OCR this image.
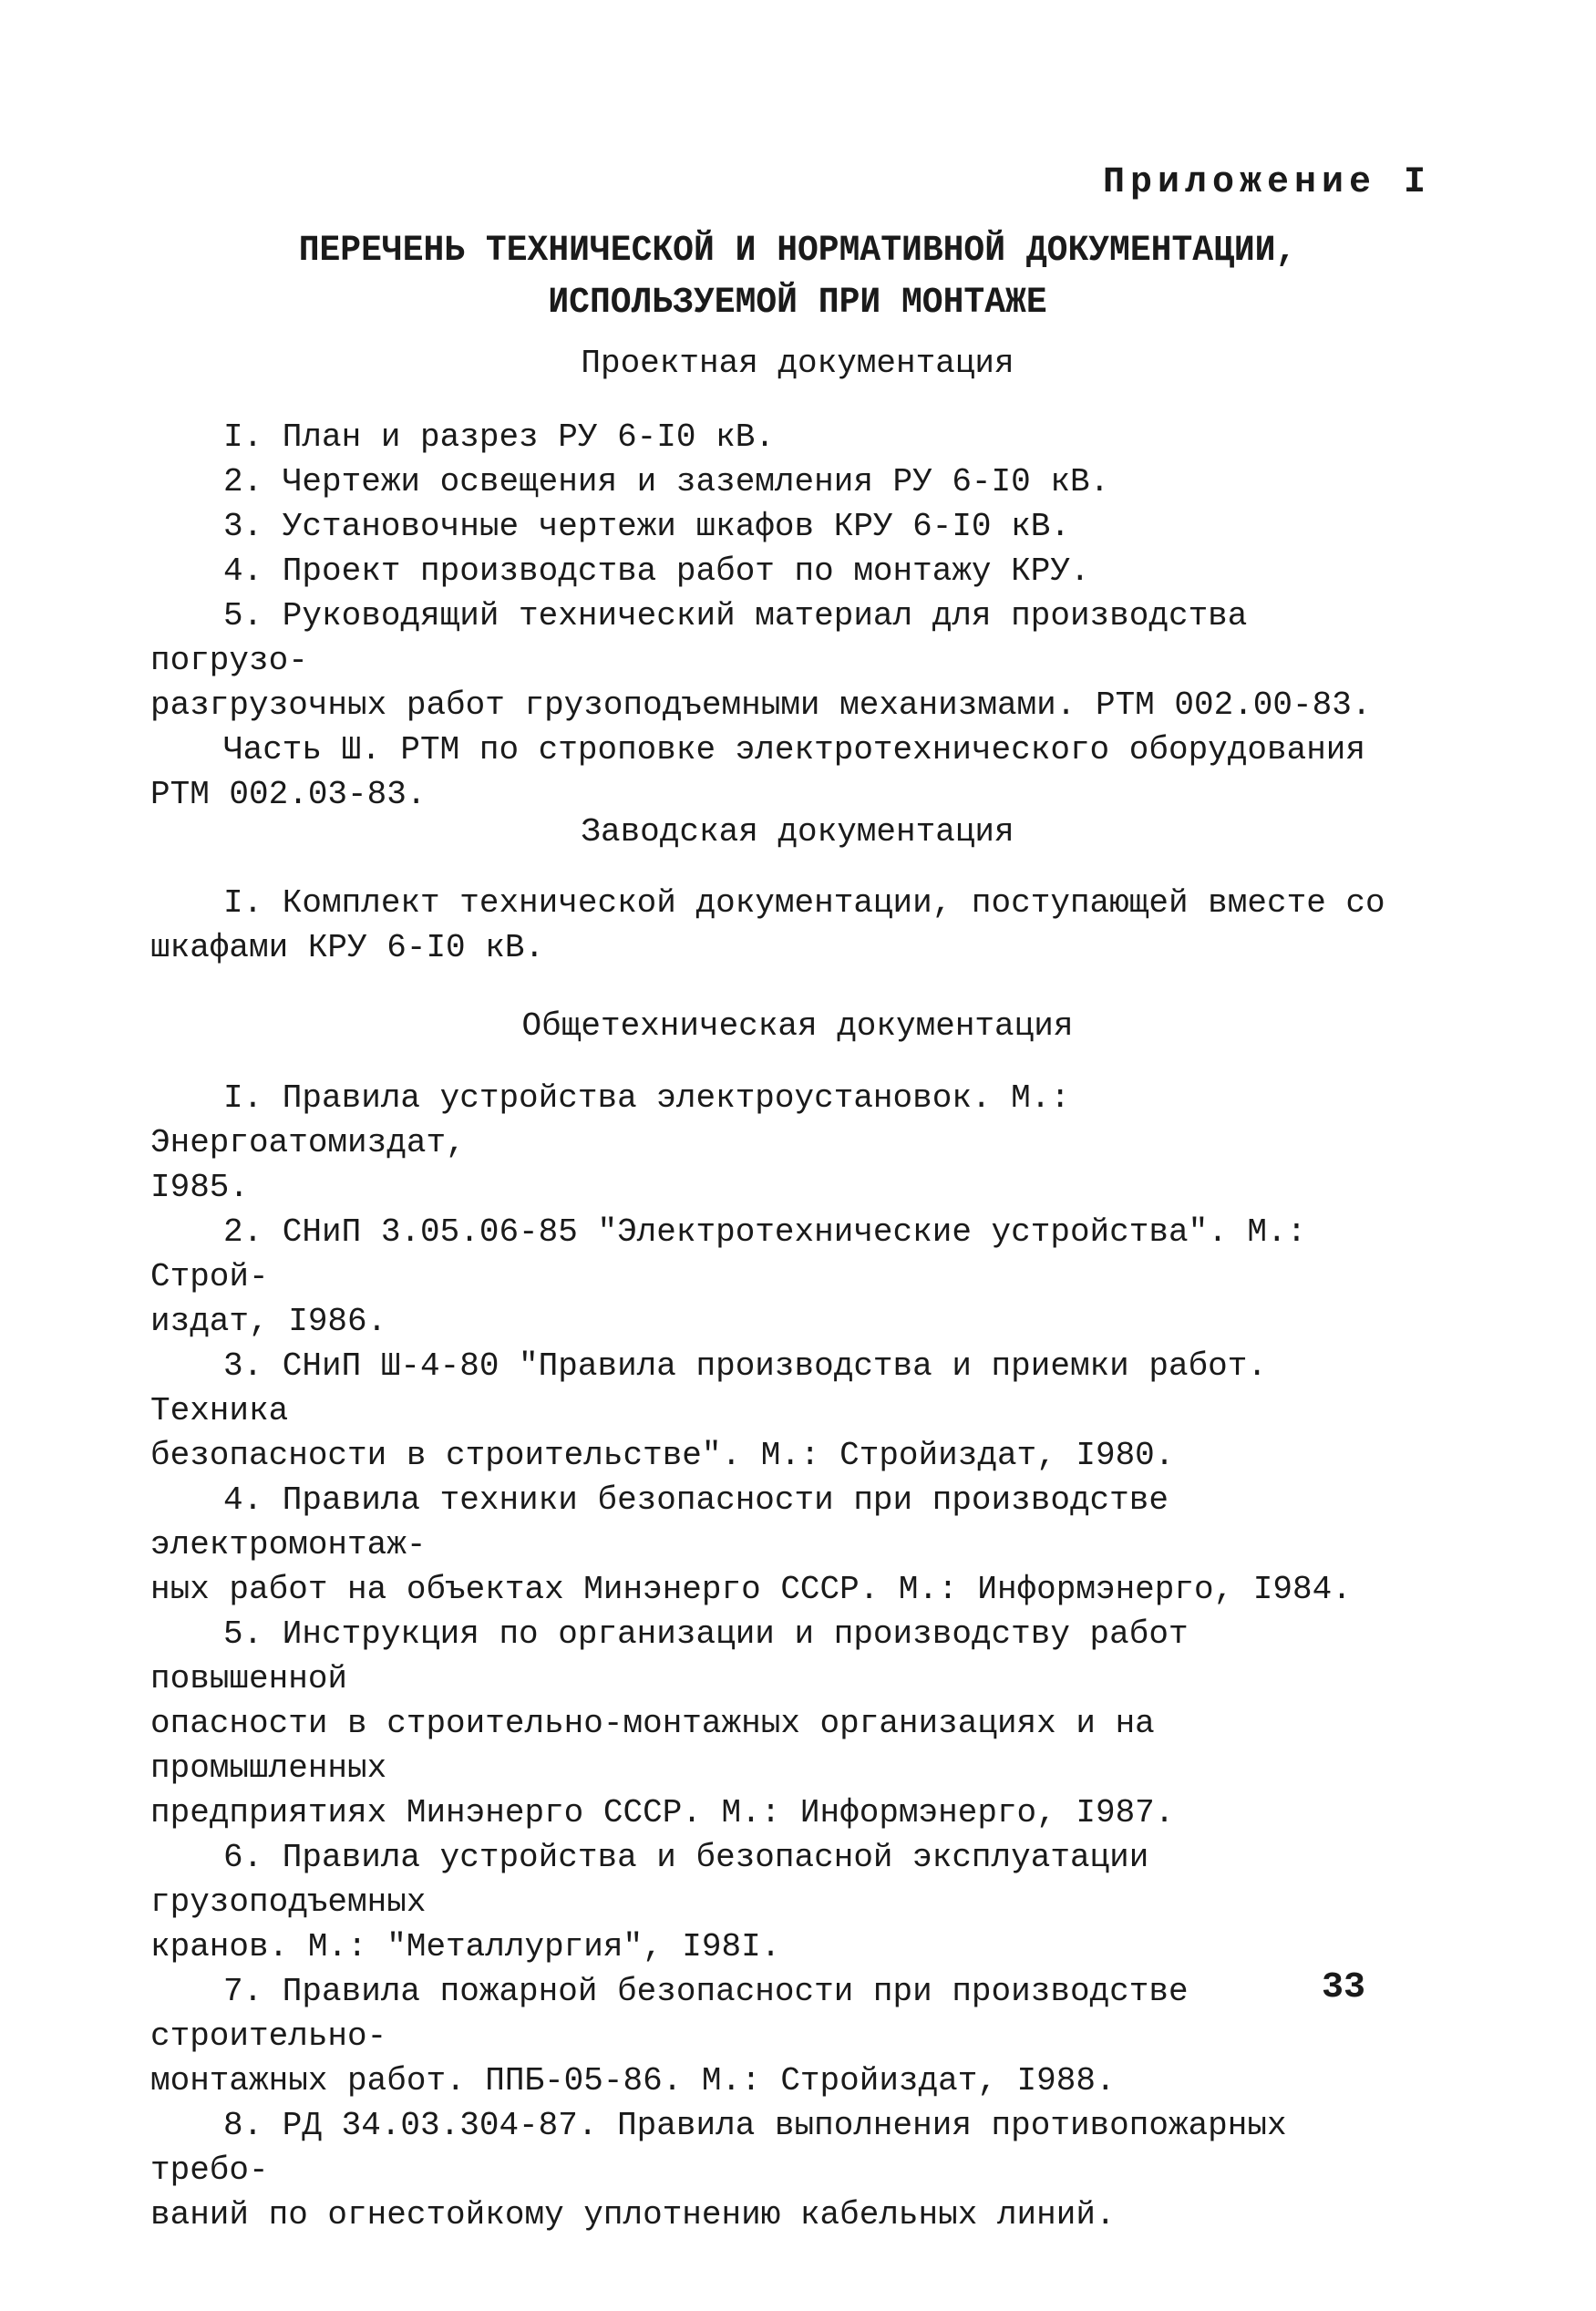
Приложение I
ПЕРЕЧЕНЬ ТЕХНИЧЕСКОЙ И НОРМАТИВНОЙ ДОКУМЕНТАЦИИ,
ИСПОЛЬЗУЕМОЙ ПРИ МОНТАЖЕ
Проектная документация

I. План и разрез РУ 6-I0 кВ.

2. Чертежи освещения и заземления РУ 6-I0 кВ.

3. Установочные чертежи шкафов КРУ 6-I0 кВ.

4. Проект производства работ по монтажу КРУ.

5. Руководящий технический материал для производства погрузо-
разгрузочных работ грузоподъемными механизмами. РТМ 002.00-83.

Часть Ш. РТМ по строповке электротехнического оборудования
РТМ 002.03-83.

Заводская документация

I. Комплект технической документации, поступающей вместе со
шкафами КРУ 6-I0 кВ.

Общетехническая документация

I. Правила устройства электроустановок. М.: Энергоатомиздат,
I985.

2. СНиП 3.05.06-85 "Электротехнические устройства". М.: Строй-
издат, I986.

3. СНиП Ш-4-80 "Правила производства и приемки работ. Техника
безопасности в строительстве". М.: Стройиздат, I980.

4. Правила техники безопасности при производстве электромонтаж-
ных работ на объектах Минэнерго СССР. М.: Информэнерго, I984.

5. Инструкция по организации и производству работ повышенной
опасности в строительно-монтажных организациях и на промышленных
предприятиях Минэнерго СССР. М.: Информэнерго, I987.

6. Правила устройства и безопасной эксплуатации грузоподъемных
кранов. М.: "Металлургия", I98I.

7. Правила пожарной безопасности при производстве строительно-
монтажных работ. ППБ-05-86. М.: Стройиздат, I988.

8. РД 34.03.304-87. Правила выполнения противопожарных требо-
ваний по огнестойкому уплотнению кабельных линий.

33
